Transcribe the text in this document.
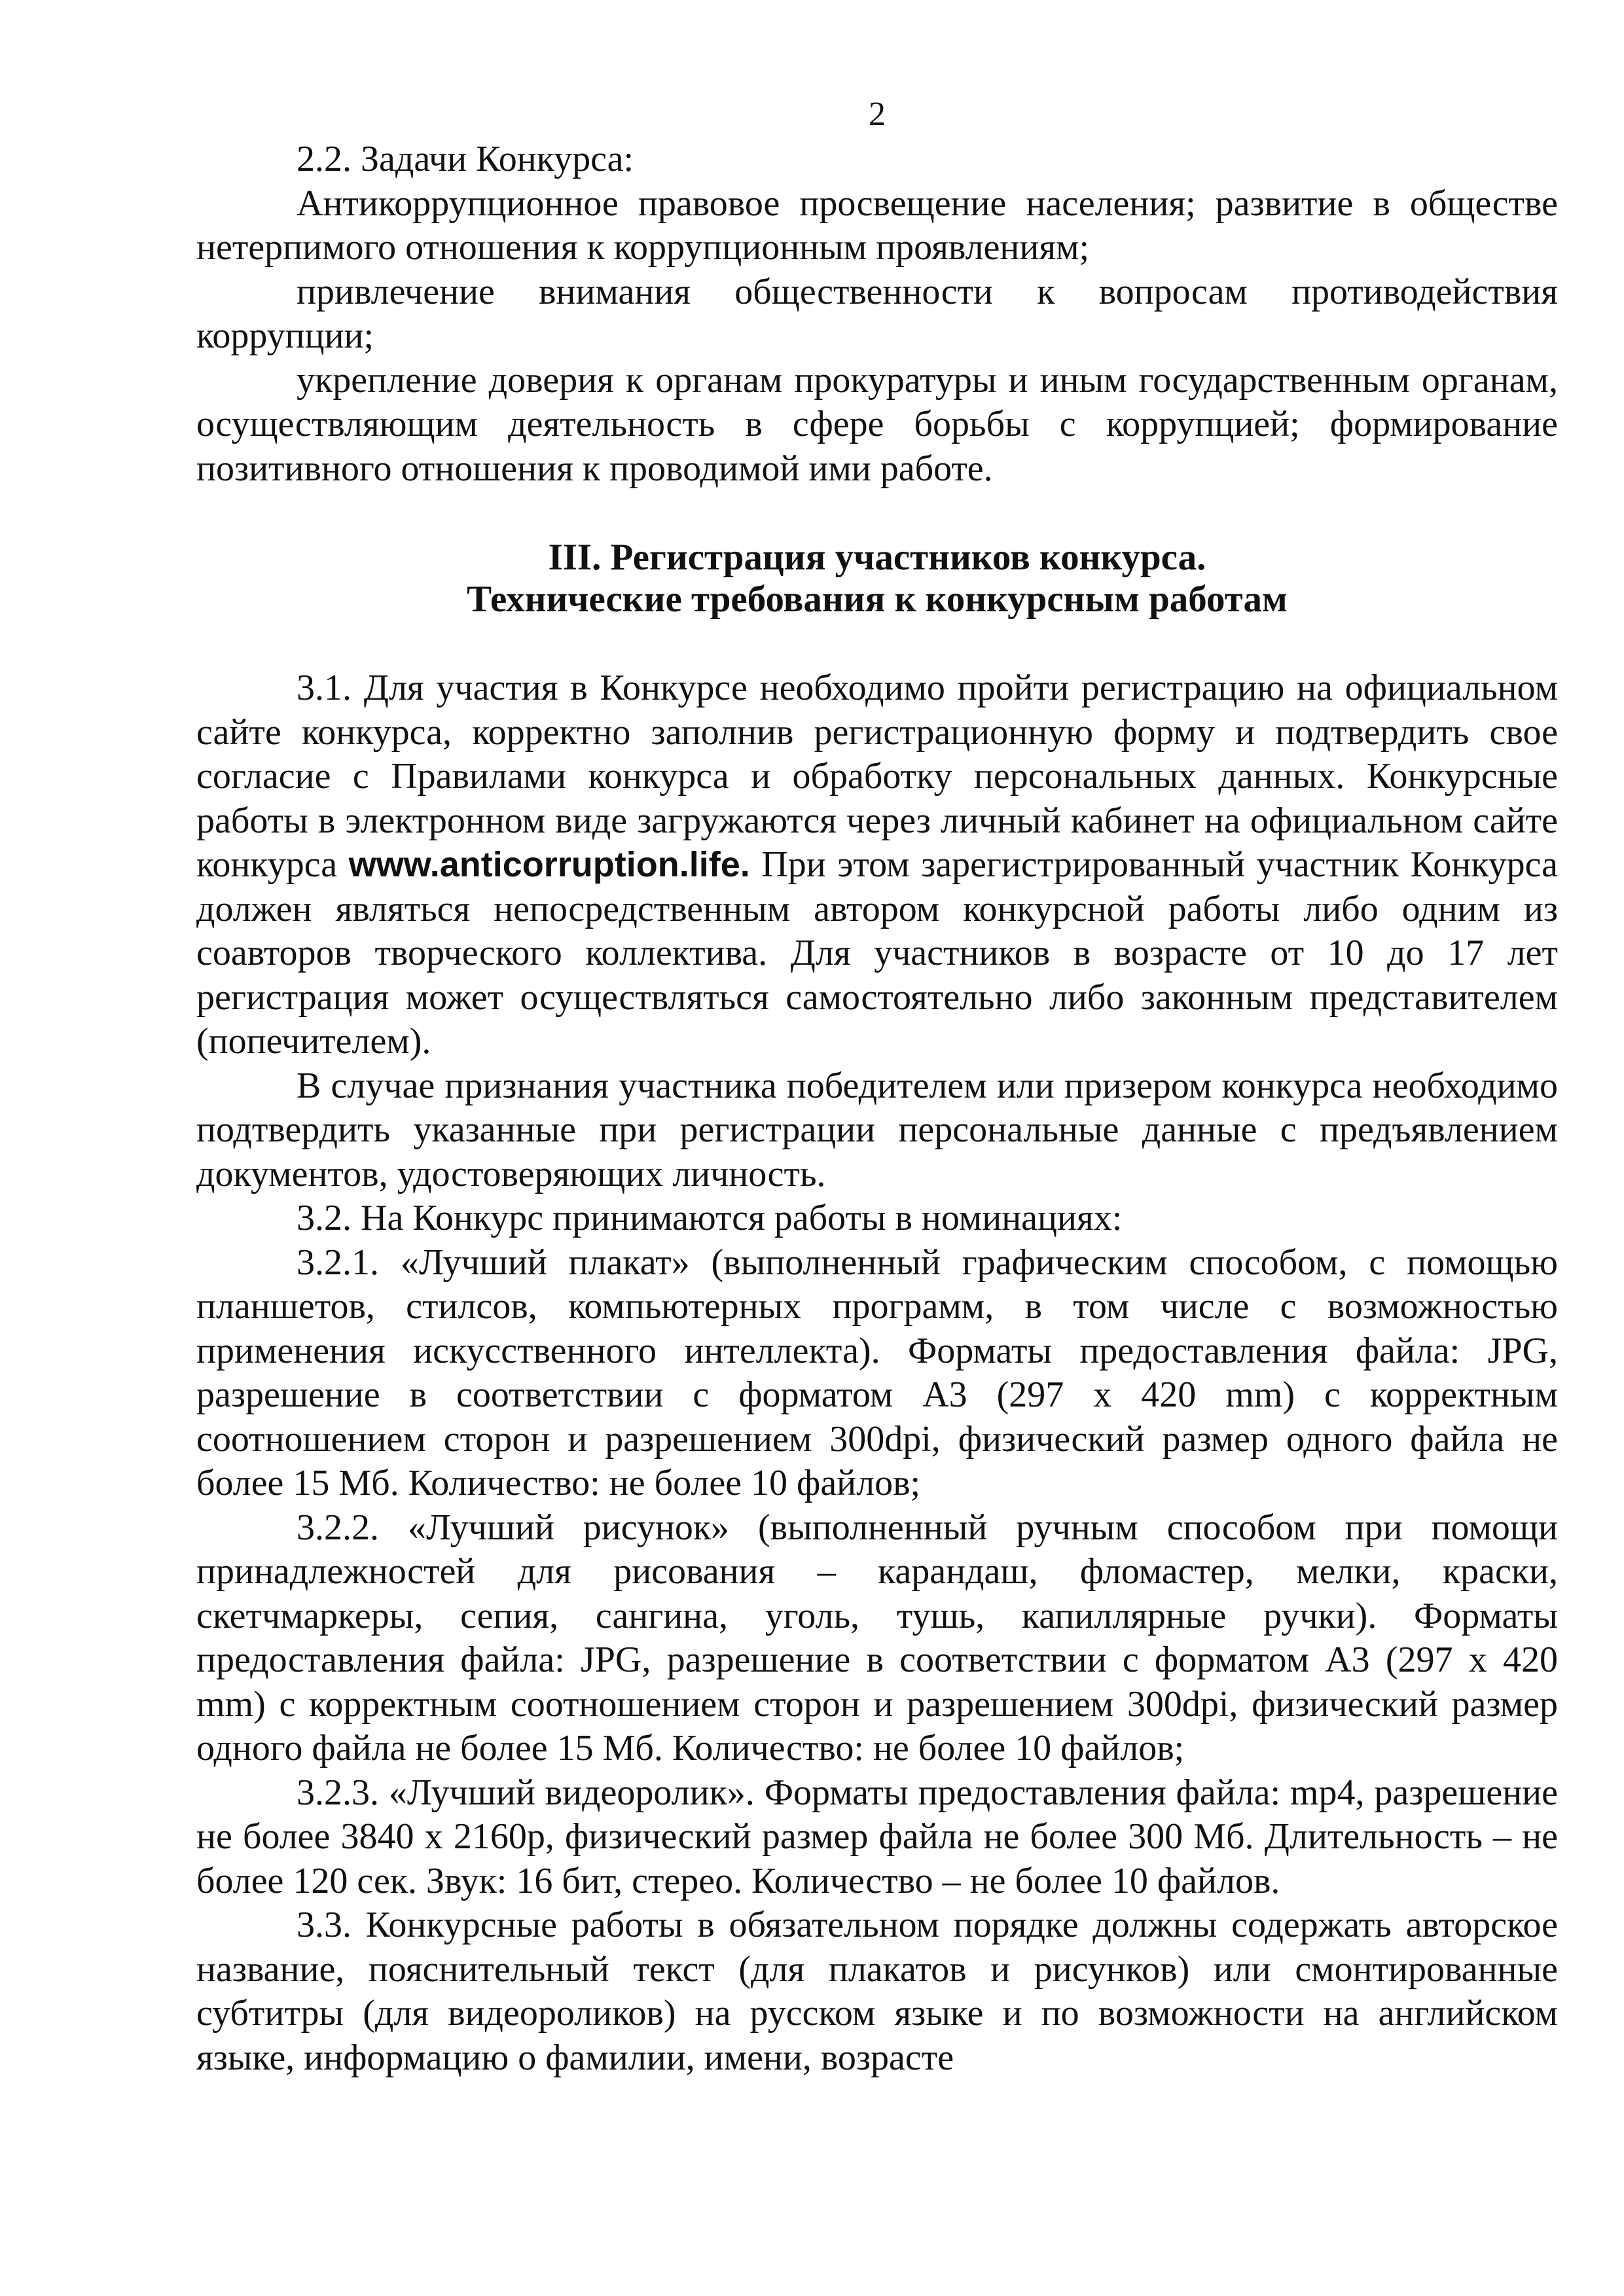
2

2.2. Задачи Конкурса:

Антикоррупционное правовое просвещение населения; развитие в обществе нетерпимого отношения к коррупционным проявлениям;

привлечение внимания общественности к вопросам противодействия коррупции;

укрепление доверия к органам прокуратуры и иным государственным органам, осуществляющим деятельность в сфере борьбы с коррупцией; формирование позитивного отношения к проводимой ими работе.

III. Регистрация участников конкурса.
Технические требования к конкурсным работам

3.1. Для участия в Конкурсе необходимо пройти регистрацию на официальном сайте конкурса, корректно заполнив регистрационную форму и подтвердить свое согласие с Правилами конкурса и обработку персональных данных. Конкурсные работы в электронном виде загружаются через личный кабинет на официальном сайте конкурса www.anticorruption.life. При этом зарегистрированный участник Конкурса должен являться непосредственным автором конкурсной работы либо одним из соавторов творческого коллектива. Для участников в возрасте от 10 до 17 лет регистрация может осуществляться самостоятельно либо законным представителем (попечителем).

В случае признания участника победителем или призером конкурса необходимо подтвердить указанные при регистрации персональные данные с предъявлением документов, удостоверяющих личность.

3.2. На Конкурс принимаются работы в номинациях:

3.2.1. «Лучший плакат» (выполненный графическим способом, с помощью планшетов, стилсов, компьютерных программ, в том числе с возможностью применения искусственного интеллекта). Форматы предоставления файла: JPG, разрешение в соответствии с форматом А3 (297 х 420 mm) с корректным соотношением сторон и разрешением 300dpi, физический размер одного файла не более 15 Мб. Количество: не более 10 файлов;

3.2.2. «Лучший рисунок» (выполненный ручным способом при помощи принадлежностей для рисования – карандаш, фломастер, мелки, краски, скетчмаркеры, сепия, сангина, уголь, тушь, капиллярные ручки). Форматы предоставления файла: JPG, разрешение в соответствии с форматом А3 (297 х 420 mm) с корректным соотношением сторон и разрешением 300dpi, физический размер одного файла не более 15 Мб. Количество: не более 10 файлов;

3.2.3. «Лучший видеоролик». Форматы предоставления файла: mp4, разрешение не более 3840 х 2160р, физический размер файла не более 300 Мб. Длительность – не более 120 сек. Звук: 16 бит, стерео. Количество – не более 10 файлов.

3.3. Конкурсные работы в обязательном порядке должны содержать авторское название, пояснительный текст (для плакатов и рисунков) или смонтированные субтитры (для видеороликов) на русском языке и по возможности на английском языке, информацию о фамилии, имени, возрасте
